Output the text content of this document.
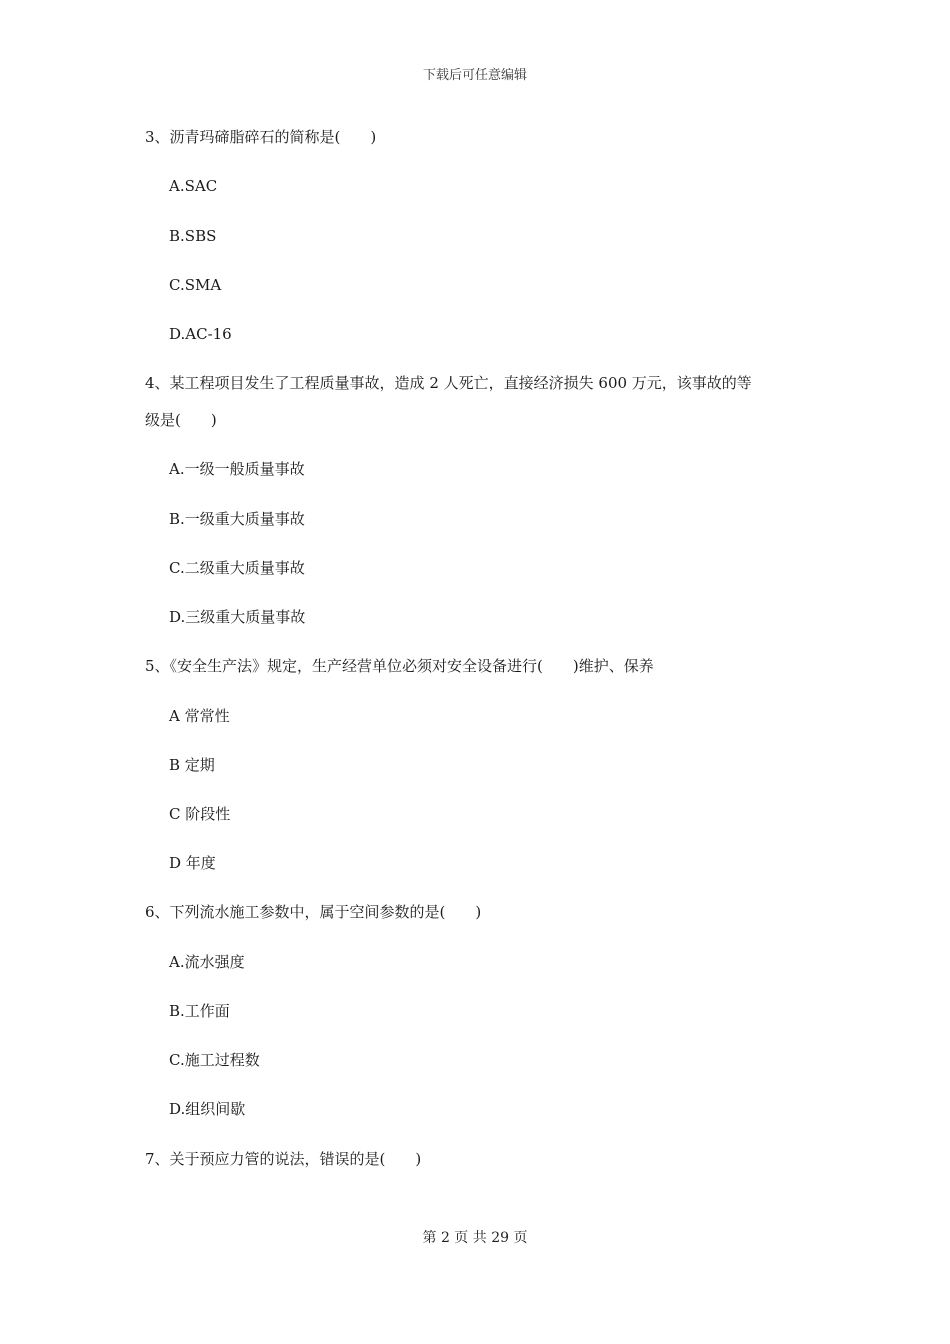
下载后可任意编辑
3、沥青玛碲脂碎石的简称是(　　)
A.SAC
B.SBS
C.SMA
D.AC-16
4、某工程项目发生了工程质量事故，造成 2 人死亡，直接经济损失 600 万元，该事故的等
级是(　　)
A.一级一般质量事故
B.一级重大质量事故
C.二级重大质量事故
D.三级重大质量事故
5、《安全生产法》规定，生产经营单位必须对安全设备进行(　　)维护、保养
A 常常性
B 定期
C 阶段性
D 年度
6、下列流水施工参数中，属于空间参数的是(　　)
A.流水强度
B.工作面
C.施工过程数
D.组织间歇
7、关于预应力管的说法，错误的是(　　)
第 2 页 共 29 页
